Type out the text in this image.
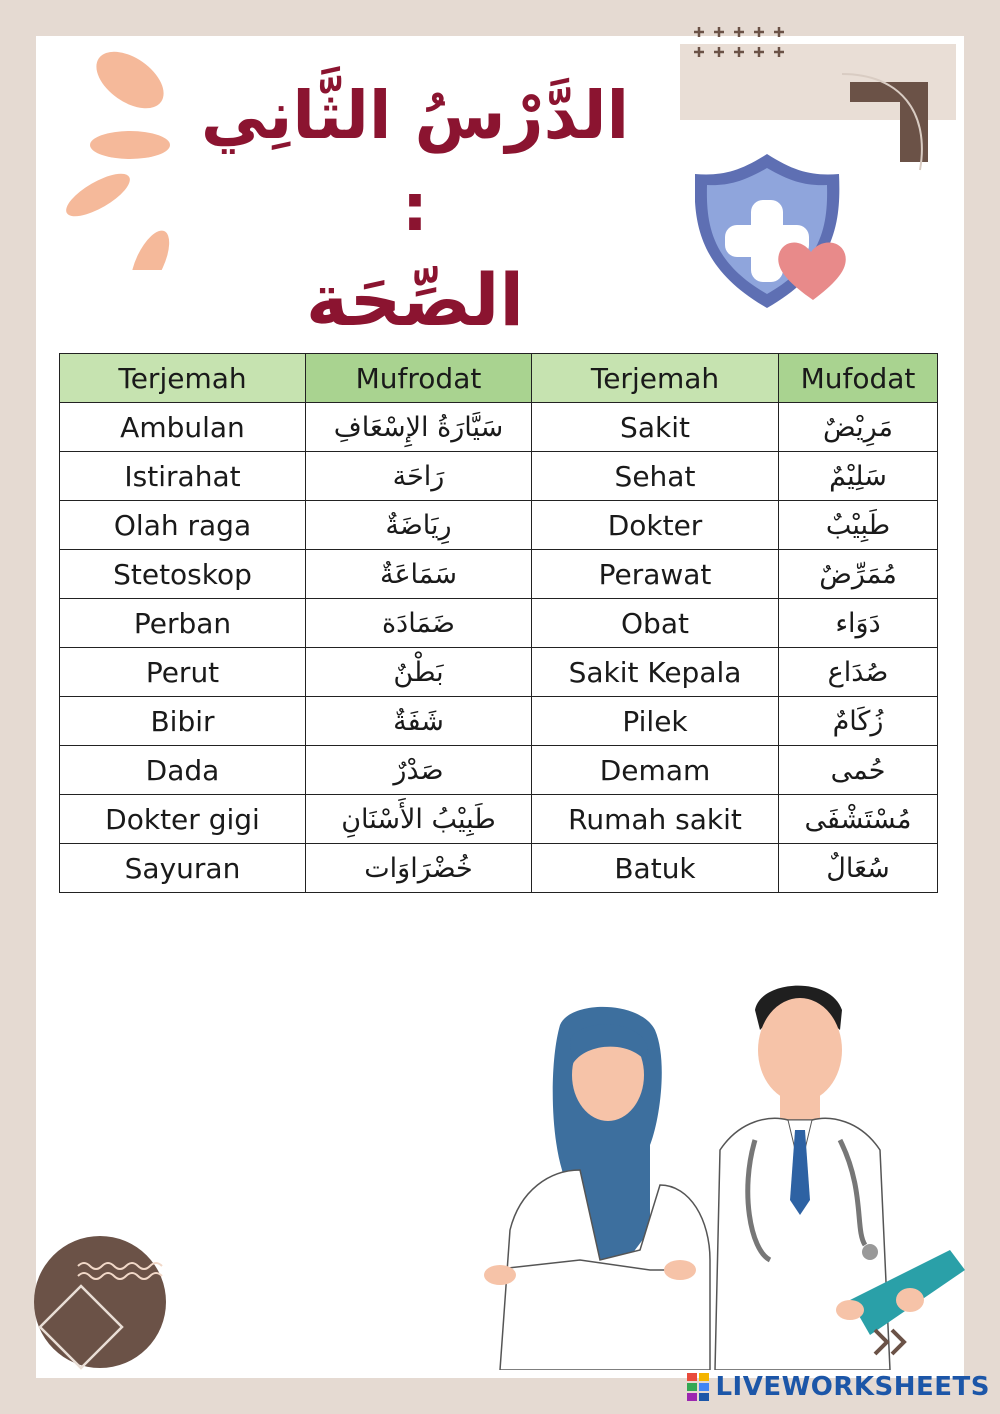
الدَّرْسُ الثَّانِي :
الصِّحَة
Terjemah	Mufrodat	Terjemah	Mufodat
Ambulan	سَيَّارَةُ الإِسْعَافِ	Sakit	مَرِيْضٌ
Istirahat	رَاحَة	Sehat	سَلِيْمٌ
Olah raga	رِيَاضَةٌ	Dokter	طَبِيْبٌ
Stetoskop	سَمَاعَةٌ	Perawat	مُمَرِّضٌ
Perban	ضَمَادَة	Obat	دَوَاء
Perut	بَطْنٌ	Sakit Kepala	صُدَاع
Bibir	شَفَةٌ	Pilek	زُكَامٌ
Dada	صَدْرٌ	Demam	حُمى
Dokter gigi	طَبِيْبُ الأَسْنَانِ	Rumah sakit	مُسْتَشْفَى
Sayuran	خُضْرَاوَات	Batuk	سُعَالٌ
LIVEWORKSHEETS
